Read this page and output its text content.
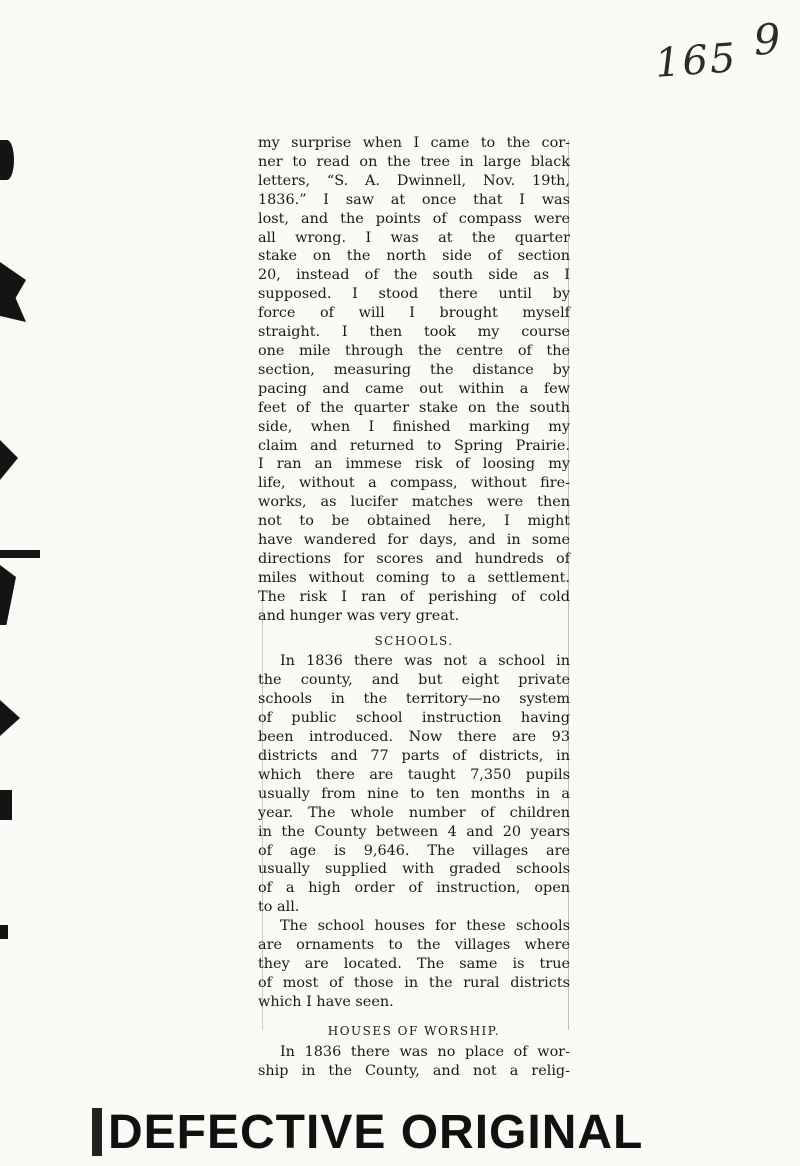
165 9

my surprise when I came to the cor-

ner to read on the tree in large black

letters, “S. A. Dwinnell, Nov. 19th,

1836.” I saw at once that I was

lost, and the points of compass were

all wrong. I was at the quarter

stake on the north side of section

20, instead of the south side as I

supposed. I stood there until by

force of will I brought myself

straight. I then took my course

one mile through the centre of the

section, measuring the distance by

pacing and came out within a few

feet of the quarter stake on the south

side, when I finished marking my

claim and returned to Spring Prairie.

I ran an immese risk of loosing my

life, without a compass, without fire-

works, as lucifer matches were then

not to be obtained here, I might

have wandered for days, and in some

directions for scores and hundreds of

miles without coming to a settlement.

The risk I ran of perishing of cold

and hunger was very great.

SCHOOLS.

In 1836 there was not a school in

the county, and but eight private

schools in the territory—no system

of public school instruction having

been introduced. Now there are 93

districts and 77 parts of districts, in

which there are taught 7,350 pupils

usually from nine to ten months in a

year. The whole number of children

in the County between 4 and 20 years

of age is 9,646. The villages are

usually supplied with graded schools

of a high order of instruction, open

to all.

The school houses for these schools

are ornaments to the villages where

they are located. The same is true

of most of those in the rural districts

which I have seen.

HOUSES OF WORSHIP.

In 1836 there was no place of wor-

ship in the County, and not a relig-

DEFECTIVE ORIGINAL
